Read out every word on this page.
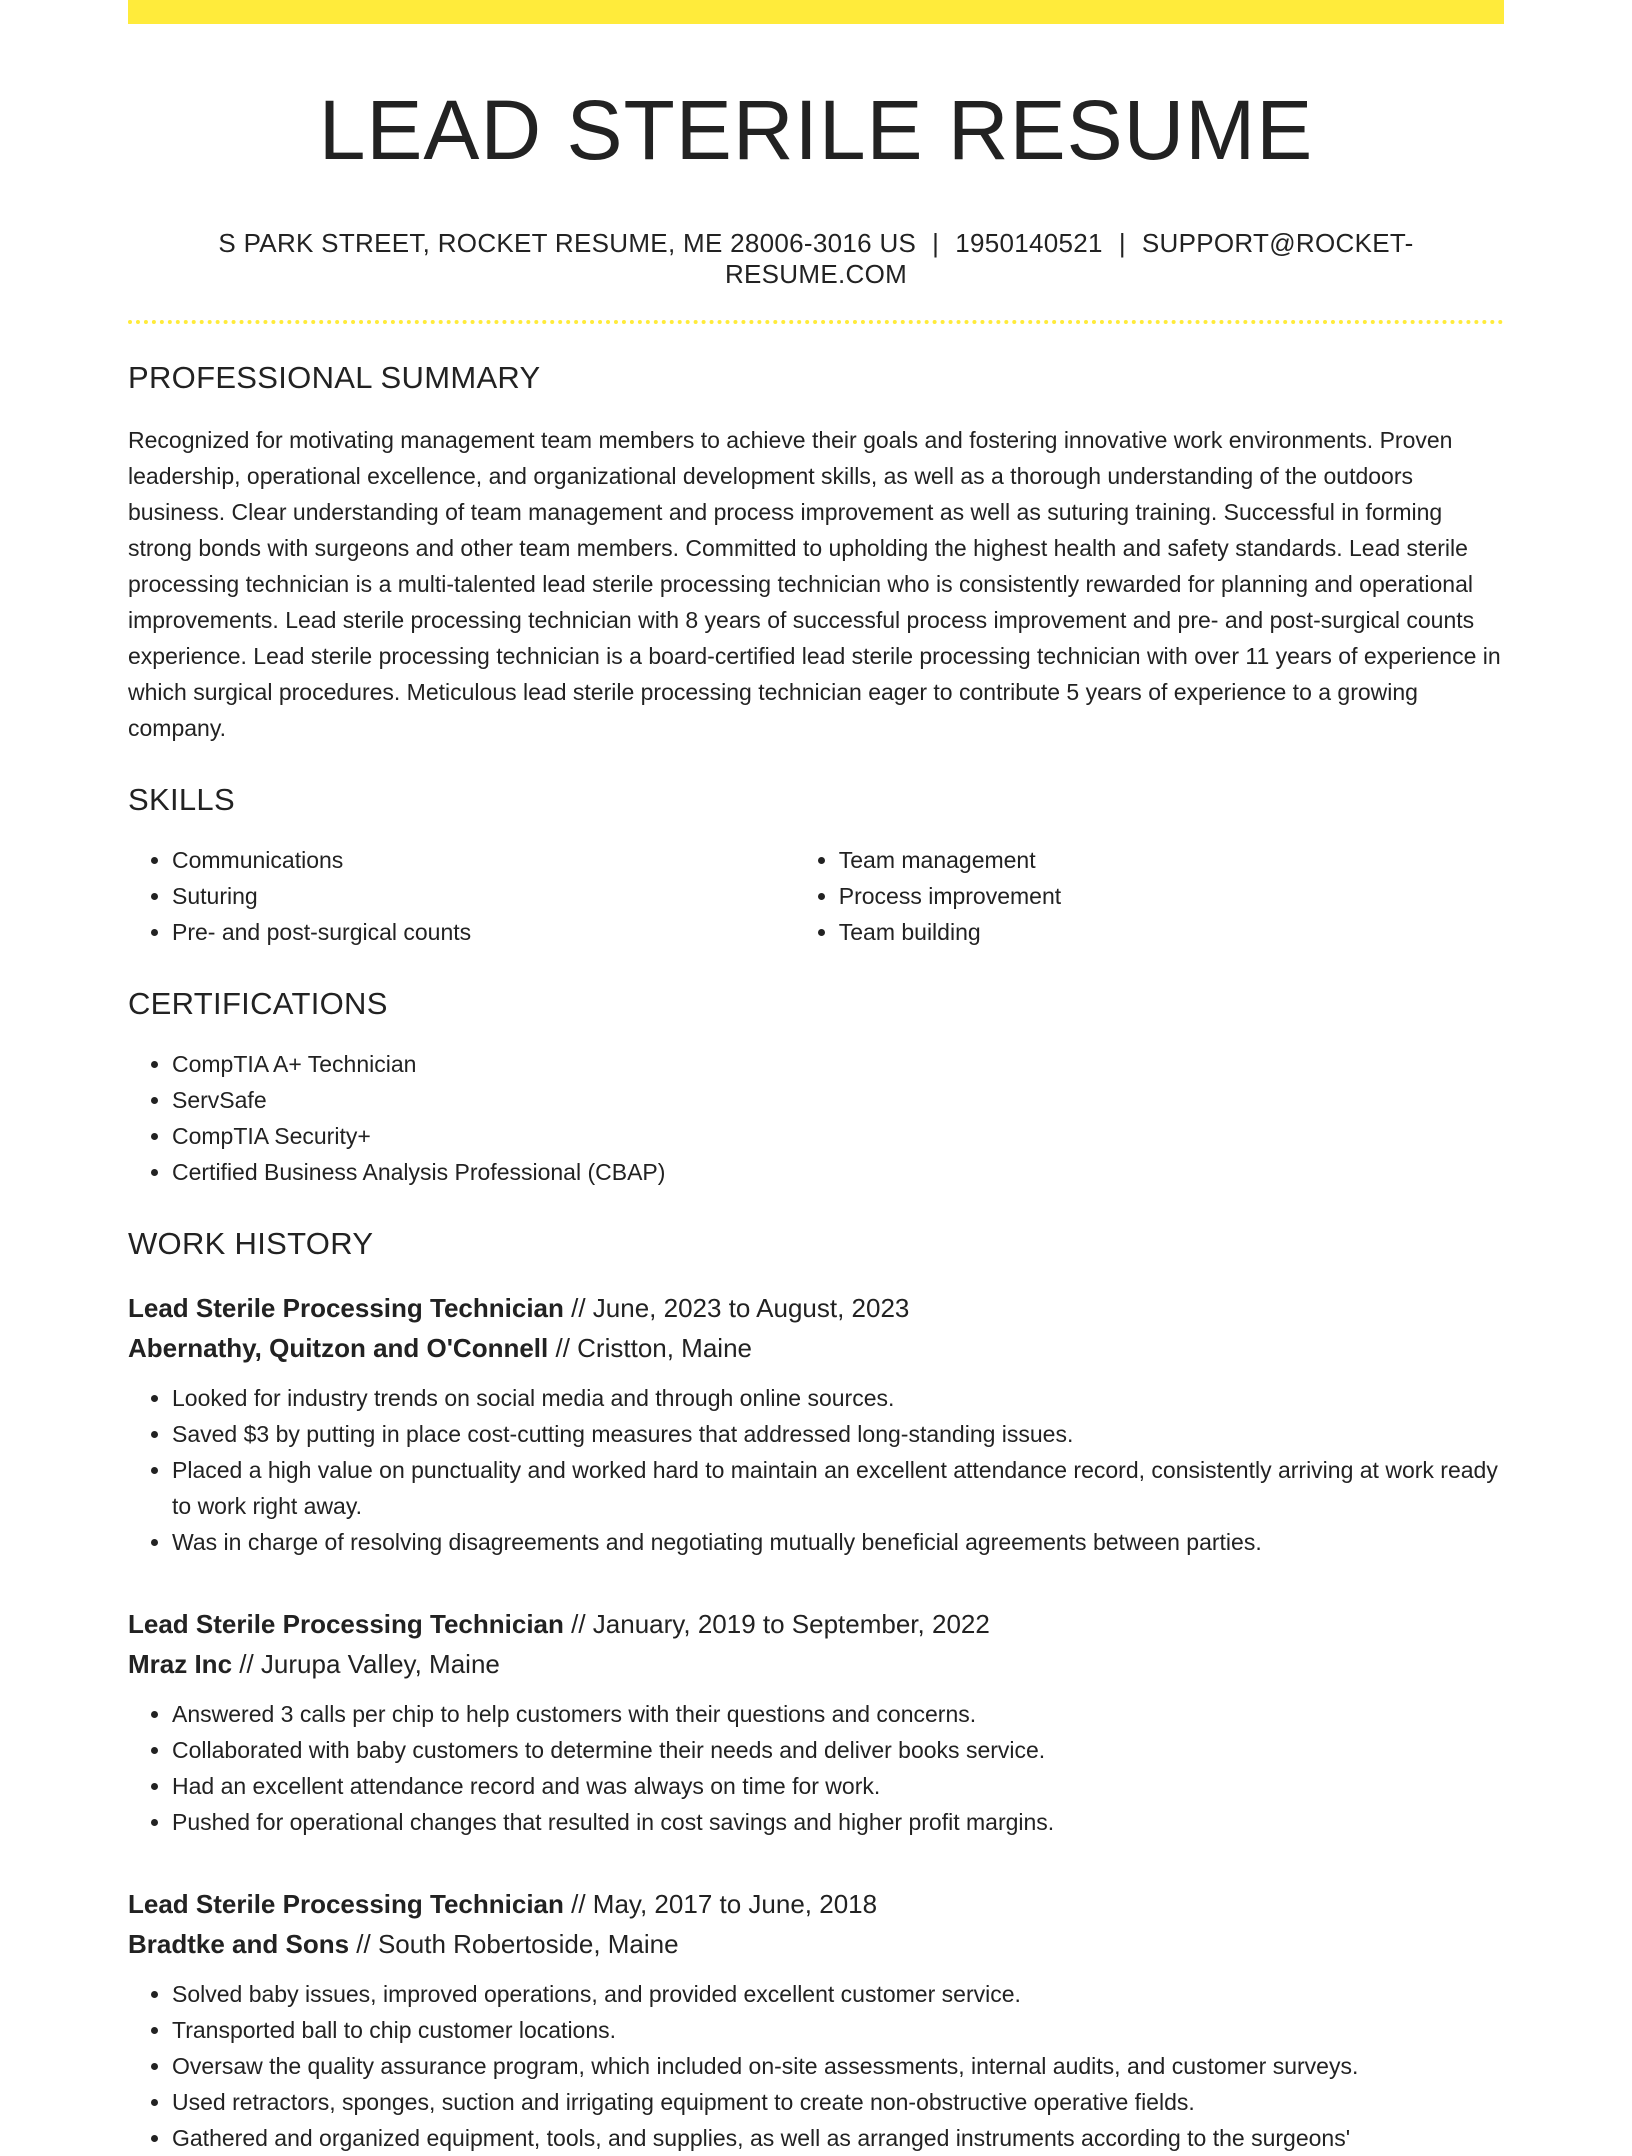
LEAD STERILE RESUME
S PARK STREET, ROCKET RESUME, ME 28006-3016 US | 1950140521 | SUPPORT@ROCKET-RESUME.COM
PROFESSIONAL SUMMARY
Recognized for motivating management team members to achieve their goals and fostering innovative work environments. Proven leadership, operational excellence, and organizational development skills, as well as a thorough understanding of the outdoors business. Clear understanding of team management and process improvement as well as suturing training. Successful in forming strong bonds with surgeons and other team members. Committed to upholding the highest health and safety standards. Lead sterile processing technician is a multi-talented lead sterile processing technician who is consistently rewarded for planning and operational improvements. Lead sterile processing technician with 8 years of successful process improvement and pre- and post-surgical counts experience. Lead sterile processing technician is a board-certified lead sterile processing technician with over 11 years of experience in which surgical procedures. Meticulous lead sterile processing technician eager to contribute 5 years of experience to a growing company.
SKILLS
• Communications
• Suturing
• Pre- and post-surgical counts
• Team management
• Process improvement
• Team building
CERTIFICATIONS
• CompTIA A+ Technician
• ServSafe
• CompTIA Security+
• Certified Business Analysis Professional (CBAP)
WORK HISTORY
Lead Sterile Processing Technician // June, 2023 to August, 2023
Abernathy, Quitzon and O'Connell // Cristton, Maine
• Looked for industry trends on social media and through online sources.
• Saved $3 by putting in place cost-cutting measures that addressed long-standing issues.
• Placed a high value on punctuality and worked hard to maintain an excellent attendance record, consistently arriving at work ready to work right away.
• Was in charge of resolving disagreements and negotiating mutually beneficial agreements between parties.
Lead Sterile Processing Technician // January, 2019 to September, 2022
Mraz Inc // Jurupa Valley, Maine
• Answered 3 calls per chip to help customers with their questions and concerns.
• Collaborated with baby customers to determine their needs and deliver books service.
• Had an excellent attendance record and was always on time for work.
• Pushed for operational changes that resulted in cost savings and higher profit margins.
Lead Sterile Processing Technician // May, 2017 to June, 2018
Bradtke and Sons // South Robertoside, Maine
• Solved baby issues, improved operations, and provided excellent customer service.
• Transported ball to chip customer locations.
• Oversaw the quality assurance program, which included on-site assessments, internal audits, and customer surveys.
• Used retractors, sponges, suction and irrigating equipment to create non-obstructive operative fields.
• Gathered and organized equipment, tools, and supplies, as well as arranged instruments according to the surgeons'
